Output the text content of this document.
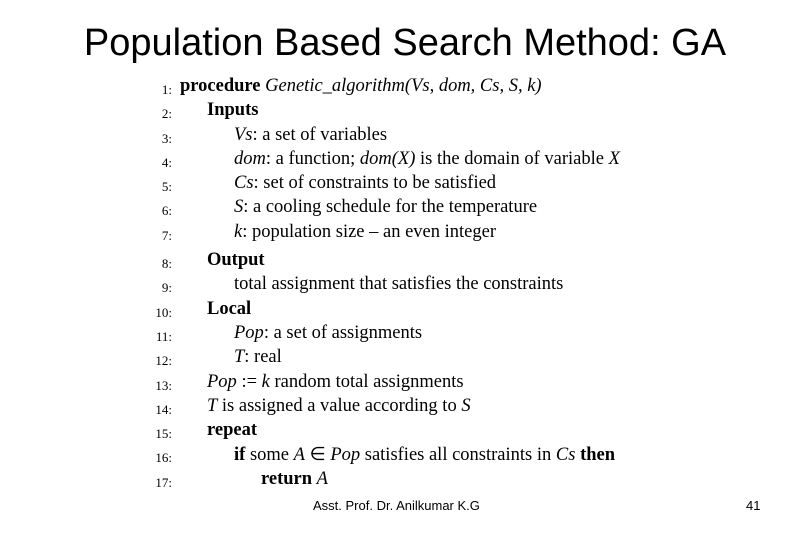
Population Based Search Method: GA
1: procedure Genetic_algorithm(Vs, dom, Cs, S, k)
2: Inputs
3:	Vs: a set of variables
4:	dom: a function; dom(X) is the domain of variable X
5:	Cs: set of constraints to be satisfied
6:	S: a cooling schedule for the temperature
7:	k: population size – an even integer
8: Output
9:	total assignment that satisfies the constraints
10: Local
11:	Pop: a set of assignments
12:	T: real
13: Pop := k random total assignments
14: T is assigned a value according to S
15: repeat
16:	if some A ∈ Pop satisfies all constraints in Cs then
17:	return A
Asst. Prof. Dr. Anilkumar K.G	41
